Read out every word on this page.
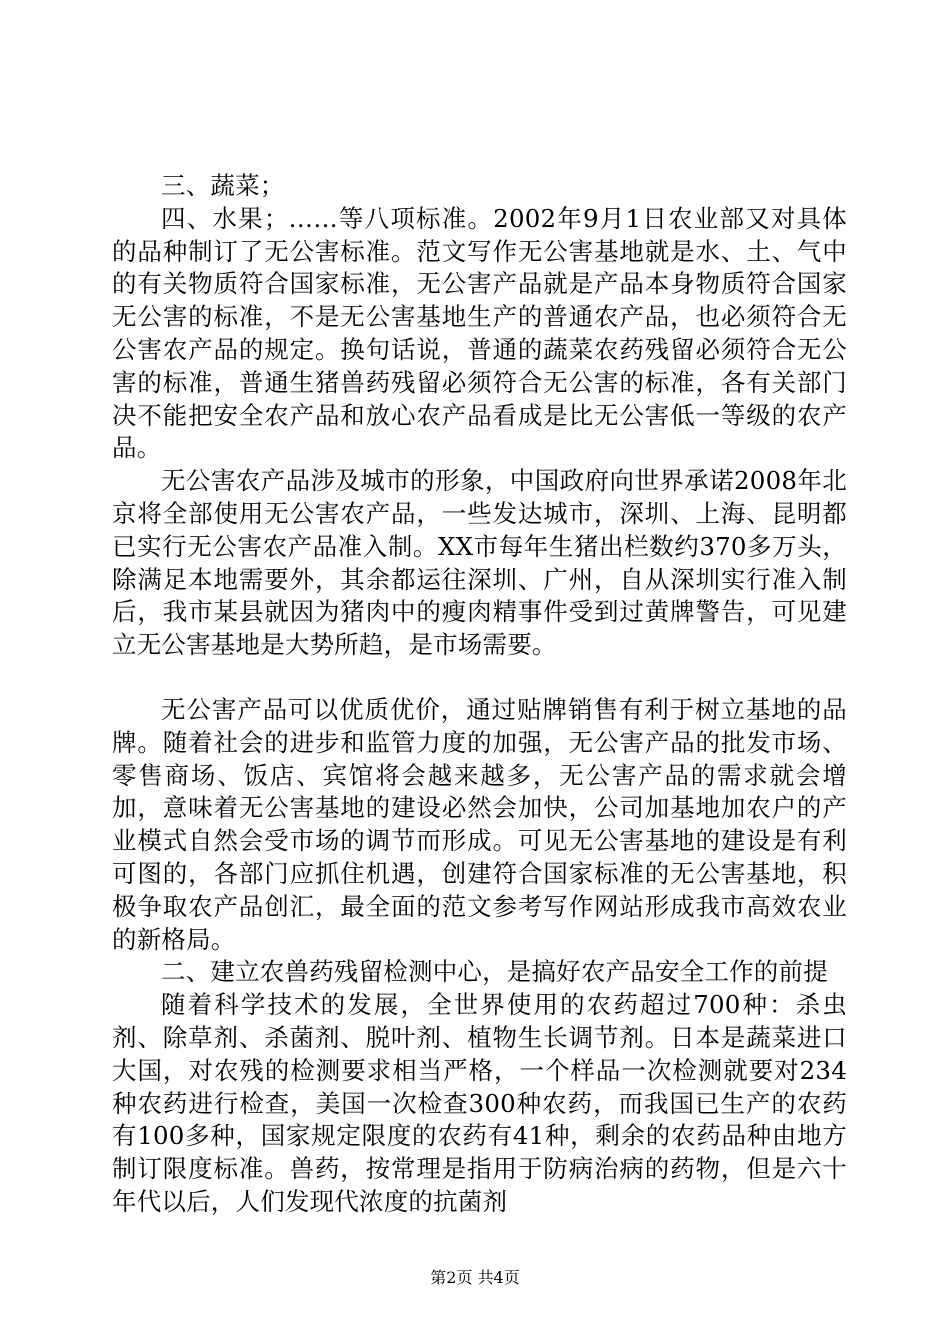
三、蔬菜；

四、水果；……等八项标准。2002年9月1日农业部又对具体的品种制订了无公害标准。范文写作无公害基地就是水、土、气中的有关物质符合国家标准，无公害产品就是产品本身物质符合国家无公害的标准，不是无公害基地生产的普通农产品，也必须符合无公害农产品的规定。换句话说，普通的蔬菜农药残留必须符合无公害的标准，普通生猪兽药残留必须符合无公害的标准，各有关部门决不能把安全农产品和放心农产品看成是比无公害低一等级的农产品。

无公害农产品涉及城市的形象，中国政府向世界承诺2008年北京将全部使用无公害农产品，一些发达城市，深圳、上海、昆明都已实行无公害农产品准入制。XX市每年生猪出栏数约370多万头，除满足本地需要外，其余都运往深圳、广州，自从深圳实行准入制后，我市某县就因为猪肉中的瘦肉精事件受到过黄牌警告，可见建立无公害基地是大势所趋，是市场需要。

无公害产品可以优质优价，通过贴牌销售有利于树立基地的品牌。随着社会的进步和监管力度的加强，无公害产品的批发市场、零售商场、饭店、宾馆将会越来越多，无公害产品的需求就会增加，意味着无公害基地的建设必然会加快，公司加基地加农户的产业模式自然会受市场的调节而形成。可见无公害基地的建设是有利可图的，各部门应抓住机遇，创建符合国家标准的无公害基地，积极争取农产品创汇，最全面的范文参考写作网站形成我市高效农业的新格局。

二、建立农兽药残留检测中心，是搞好农产品安全工作的前提

随着科学技术的发展，全世界使用的农药超过700种：杀虫剂、除草剂、杀菌剂、脱叶剂、植物生长调节剂。日本是蔬菜进口大国，对农残的检测要求相当严格，一个样品一次检测就要对234种农药进行检查，美国一次检查300种农药，而我国已生产的农药有100多种，国家规定限度的农药有41种，剩余的农药品种由地方制订限度标准。兽药，按常理是指用于防病治病的药物，但是六十年代以后，人们发现代浓度的抗菌剂

第2页 共4页
